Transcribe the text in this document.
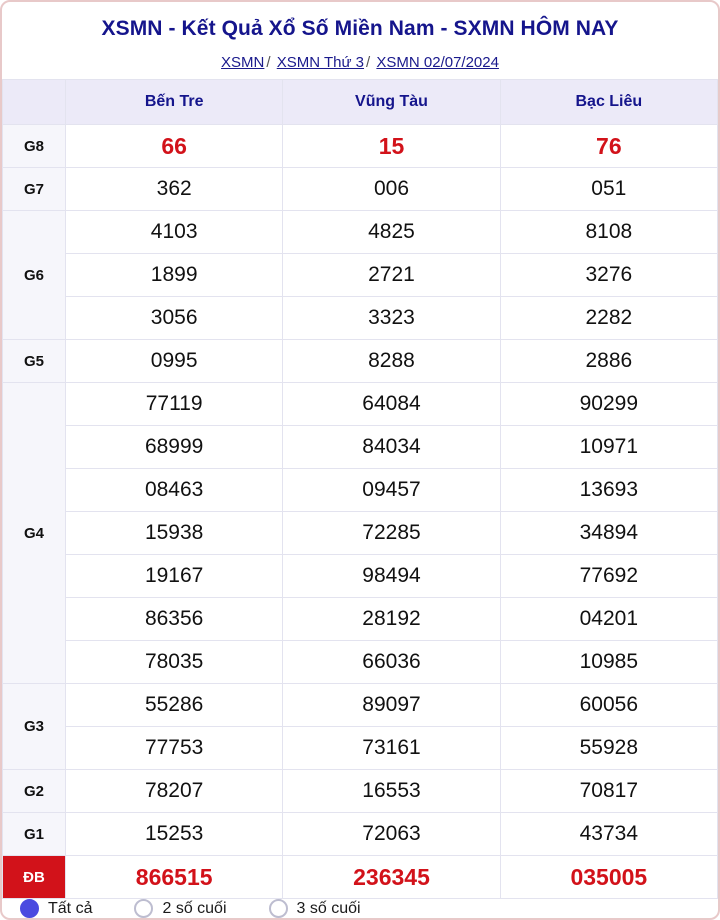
XSMN - Kết Quả Xổ Số Miền Nam - SXMN HÔM NAY
XSMN / XSMN Thứ 3 / XSMN 02/07/2024
	Bến Tre	Vũng Tàu	Bạc Liêu
G8	66	15	76
G7	362	006	051
G6	4103	4825	8108
	1899	2721	3276
	3056	3323	2282
G5	0995	8288	2886
G4	77119	64084	90299
	68999	84034	10971
	08463	09457	13693
	15938	72285	34894
	19167	98494	77692
	86356	28192	04201
	78035	66036	10985
G3	55286	89097	60056
	77753	73161	55928
G2	78207	16553	70817
G1	15253	72063	43734
ĐB	866515	236345	035005
Tất cả	2 số cuối	3 số cuối
